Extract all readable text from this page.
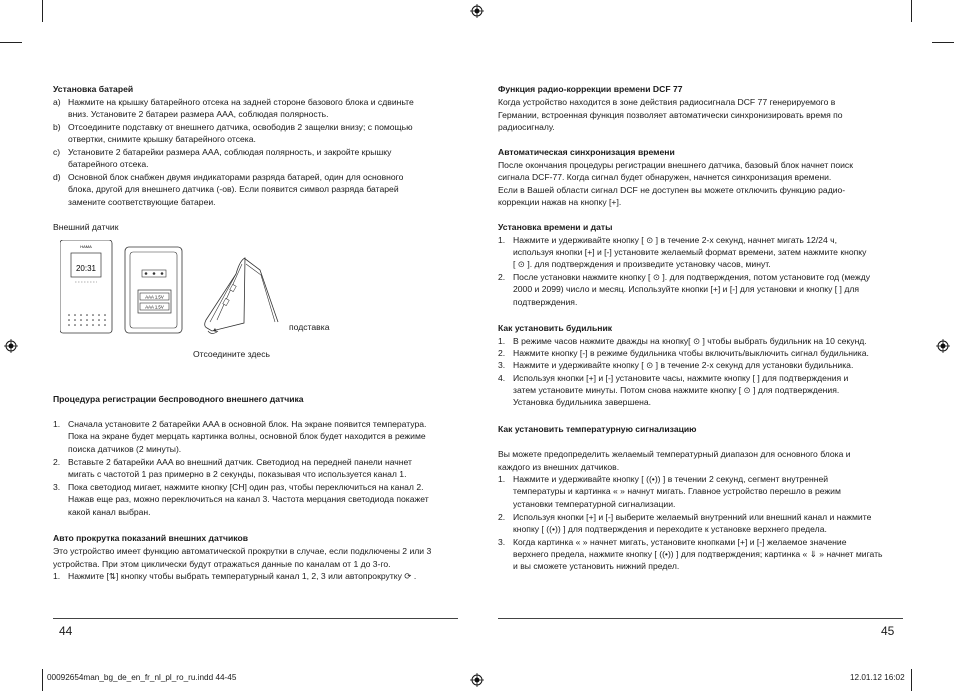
Установка батарей
a) Нажмите на крышку батарейного отсека на задней стороне базового блока и сдвиньте
вниз. Установите 2 батареи размера AAA, соблюдая полярность.
b) Отсоедините подставку от внешнего датчика, освободив 2 защелки внизу; с помощью
отвертки, снимите крышку батарейного отсека.
c) Установите 2 батарейки размера AAA, соблюдая полярность, и закройте крышку
батарейного отсека.
d) Основной блок снабжен двумя индикаторами разряда батарей, один для основного
блока, другой для внешнего датчика (-ов). Если появится символ разряда батарей
замените соответствующие батареи.
Внешний датчик
HAMA
20:31
AAA 1.5V
AAA 1.5V
подставка
Отсоедините здесь
Процедура регистрации беспроводного внешнего датчика
1. Сначала установите 2 батарейки AAA в основной блок. На экране появится температура.
Пока на экране будет мерцать картинка волны, основной блок будет находится в режиме
поиска датчиков (2 минуты).
2. Вставьте 2 батарейки AAA во внешний датчик. Светодиод на передней панели начнет
мигать с частотой 1 раз примерно в 2 секунды, показывая что используется канал 1.
3. Пока светодиод мигает, нажмите кнопку [CH] один раз, чтобы переключиться на канал 2.
Нажав еще раз, можно переключиться на канал 3. Частота мерцания светодиода покажет
какой канал выбран.
Авто прокрутка показаний внешних датчиков
Это устройство имеет функцию автоматической прокрутки в случае, если подключены 2 или 3
устройства. При этом циклически будут отражаться данные по каналам от 1 до 3-го.
1. Нажмите [⇅] кнопку чтобы выбрать температурный канал 1, 2, 3 или автопрокрутку ⟳ .
44
Функция радио-коррекции времени DCF 77
Когда устройство находится в зоне действия радиосигнала DCF 77 генерируемого в
Германии, встроенная функция позволяет автоматически синхронизировать время по
радиосигналу.
Автоматическая синхронизация времени
После окончания процедуры регистрации внешнего датчика, базовый блок начнет поиск
сигнала DCF-77. Когда сигнал будет обнаружен, начнется синхронизация времени.
Если в Вашей области сигнал DCF не доступен вы можете отключить функцию радио-
коррекции нажав на кнопку [+].
Установка времени и даты
1. Нажмите и удерживайте кнопку [ ⊙ ] в течение 2-х секунд, начнет мигать 12/24 ч,
используя кнопки [+] и [-] установите желаемый формат времени, затем нажмите кнопку
[ ⊙ ]. для подтверждения и произведите установку часов, минут.
2. После установки нажмите кнопку [ ⊙ ]. для подтверждения, потом установите год (между
2000 и 2099) число и месяц. Используйте кнопки [+] и [-] для установки и кнопку [ ] для
подтверждения.
Как установить будильник
1. В режиме часов нажмите дважды на кнопку[ ⊙ ] чтобы выбрать будильник на 10 секунд.
2. Нажмите кнопку [-] в режиме будильника чтобы включить/выключить сигнал будильника.
3. Нажмите и удерживайте кнопку [ ⊙ ] в течение 2-х секунд для установки будильника.
4. Используя кнопки [+] и [-] установите часы, нажмите кнопку [ ] для подтверждения и
затем установите минуты. Потом снова нажмите кнопку [ ⊙ ] для подтверждения.
Установка будильника завершена.
Как установить температурную сигнализацию
Вы можете предопределить желаемый температурный диапазон для основного блока и
каждого из внешних датчиков.
1. Нажмите и удерживайте кнопку [ ((•)) ] в течении 2 секунд, сегмент внутренней
температуры и картинка « » начнут мигать. Главное устройство перешло в режим
установки температурной сигнализации.
2. Используя кнопки [+] и [-] выберите желаемый внутренний или внешний канал и нажмите
кнопку [ ((•)) ] для подтверждения и переходите к установке верхнего предела.
3. Когда картинка « » начнет мигать, установите кнопками [+] и [-] желаемое значение
верхнего предела, нажмите кнопку [ ((•)) ] для подтверждения; картинка « ⇓ » начнет мигать
и вы сможете установить нижний предел.
45
00092654man_bg_de_en_fr_nl_pl_ro_ru.indd 44-45	12.01.12 16:02
